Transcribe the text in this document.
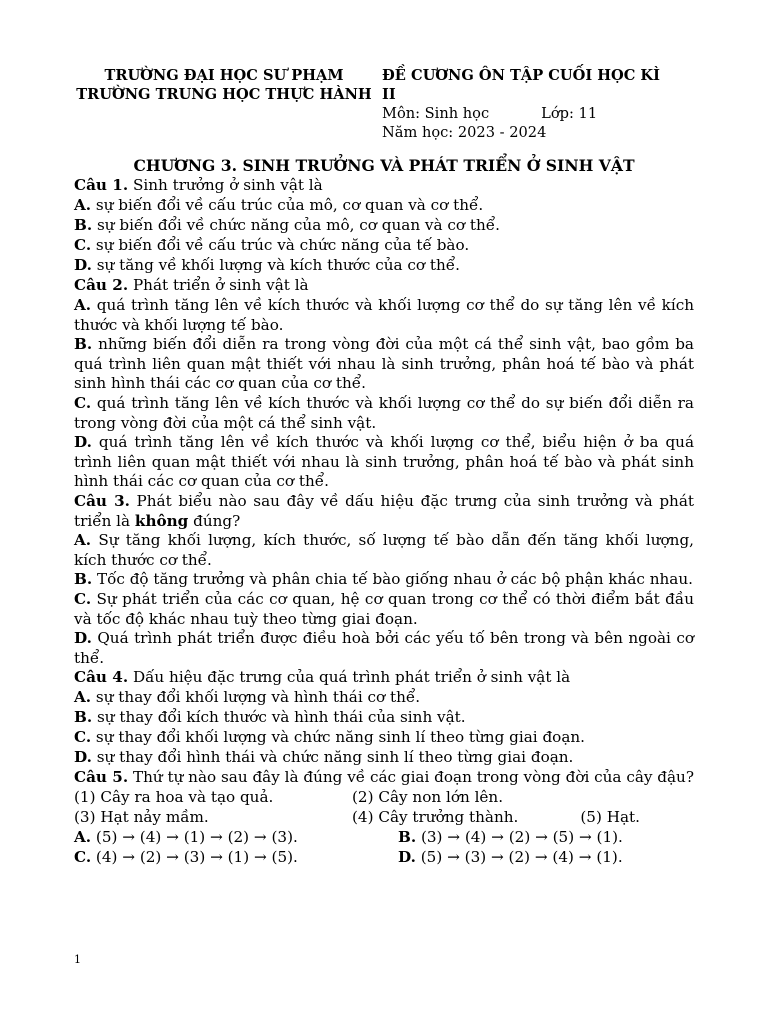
TRƯỜNG ĐẠI HỌC SƯ PHẠM
TRƯỜNG TRUNG HỌC THỰC HÀNH
ĐỀ CƯƠNG ÔN TẬP CUỐI HỌC KÌ
II
Môn: Sinh học	Lớp: 11
Năm học: 2023 - 2024
CHƯƠNG 3. SINH TRƯỞNG VÀ PHÁT TRIỂN Ở SINH VẬT

Câu 1. Sinh trưởng ở sinh vật là

A. sự biến đổi về cấu trúc của mô, cơ quan và cơ thể.

B. sự biến đổi về chức năng của mô, cơ quan và cơ thể.

C. sự biến đổi về cấu trúc và chức năng của tế bào.

D. sự tăng về khối lượng và kích thước của cơ thể.

Câu 2. Phát triển ở sinh vật là

A. quá trình tăng lên về kích thước và khối lượng cơ thể do sự tăng lên về kích thước và khối lượng tế bào.

B. những biến đổi diễn ra trong vòng đời của một cá thể sinh vật, bao gồm ba quá trình liên quan mật thiết với nhau là sinh trưởng, phân hoá tế bào và phát sinh hình thái các cơ quan của cơ thể.

C. quá trình tăng lên về kích thước và khối lượng cơ thể do sự biến đổi diễn ra trong vòng đời của một cá thể sinh vật.

D. quá trình tăng lên về kích thước và khối lượng cơ thể, biểu hiện ở ba quá trình liên quan mật thiết với nhau là sinh trưởng, phân hoá tế bào và phát sinh hình thái các cơ quan của cơ thể.

Câu 3. Phát biểu nào sau đây về dấu hiệu đặc trưng của sinh trưởng và phát triển là không đúng?

A. Sự tăng khối lượng, kích thước, số lượng tế bào dẫn đến tăng khối lượng, kích thước cơ thể.

B. Tốc độ tăng trưởng và phân chia tế bào giống nhau ở các bộ phận khác nhau.

C. Sự phát triển của các cơ quan, hệ cơ quan trong cơ thể có thời điểm bắt đầu và tốc độ khác nhau tuỳ theo từng giai đoạn.

D. Quá trình phát triển được điều hoà bởi các yếu tố bên trong và bên ngoài cơ thể.

Câu 4. Dấu hiệu đặc trưng của quá trình phát triển ở sinh vật là

A. sự thay đổi khối lượng và hình thái cơ thể.

B. sự thay đổi kích thước và hình thái của sinh vật.

C. sự thay đổi khối lượng và chức năng sinh lí theo từng giai đoạn.

D. sự thay đổi hình thái và chức năng sinh lí theo từng giai đoạn.

Câu 5. Thứ tự nào sau đây là đúng về các giai đoạn trong vòng đời của cây đậu?

(1) Cây ra hoa và tạo quả.	(2) Cây non lớn lên.
(3) Hạt nảy mầm.	(4) Cây trưởng thành.	(5) Hạt.
A. (5) → (4) → (1) → (2) → (3).	B. (3) → (4) → (2) → (5) → (1).
C. (4) → (2) → (3) → (1) → (5).	D. (5) → (3) → (2) → (4) → (1).
1
